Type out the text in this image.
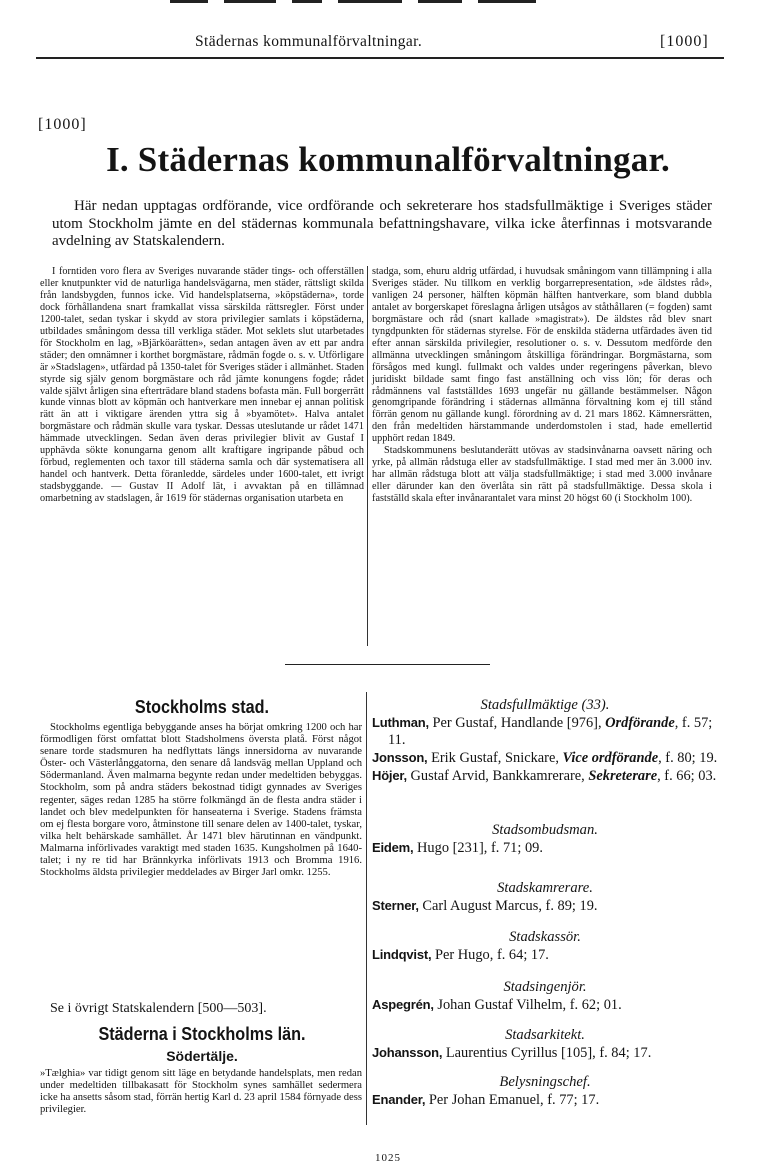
Städernas kommunalförvaltningar.	[1000]
[1000]
I. Städernas kommunalförvaltningar.
Här nedan upptagas ordförande, vice ordförande och sekreterare hos stadsfullmäktige i Sveriges städer utom Stockholm jämte en del städernas kommunala befattningshavare, vilka icke återfinnas i motsvarande avdelning av Statskalendern.

I forntiden voro flera av Sveriges nuvarande städer tings- och offerställen eller knutpunkter vid de naturliga handelsvägarna, men städer, rättsligt skilda från landsbygden, funnos icke. Vid handelsplatserna, »köpstäderna», torde dock förhållandena snart framkallat vissa särskilda rättsregler. Först under 1200-talet, sedan tyskar i skydd av stora privilegier samlats i köpstäderna, utbildades småningom dessa till verkliga städer. Mot seklets slut utarbetades för Stockholm en lag, »Bjärköarätten», sedan antagen även av ett par andra städer; den omnämner i korthet borgmästare, rådmän fogde o. s. v. Utförligare är »Stadslagen», utfärdad på 1350-talet för Sveriges städer i allmänhet. Staden styrde sig själv genom borgmästare och råd jämte konungens fogde; rådet valde självt årligen sina efterträdare bland stadens bofasta män. Full borgerrätt kunde vinnas blott av köpmän och hantverkare men innebar ej annan politisk rätt än att i viktigare ärenden yttra sig å »byamötet». Halva antalet borgmästare och rådmän skulle vara tyskar. Dessas uteslutande ur rådet 1471 hämmade utvecklingen. Sedan även deras privilegier blivit av Gustaf I upphävda sökte konungarna genom allt kraftigare ingripande påbud och förbud, reglementen och taxor till städerna samla och där systematisera all handel och hantverk. Detta föranledde, särdeles under 1600-talet, ett ivrigt stadsbyggande. — Gustav II Adolf lät, i avvaktan på en tillämnad omarbetning av stadslagen, år 1619 för städernas organisation utarbeta en

stadga, som, ehuru aldrig utfärdad, i huvudsak småningom vann tillämpning i alla Sveriges städer. Nu tillkom en verklig borgarrepresentation, »de äldstes råd», vanligen 24 personer, hälften köpmän hälften hantverkare, som bland dubbla antalet av borgerskapet föreslagna årligen utsågos av ståthållaren (= fogden) samt borgmästare och råd (snart kallade »magistrat»). De äldstes råd blev snart tyngdpunkten för städernas styrelse. För de enskilda städerna utfärdades även tid efter annan särskilda privilegier, resolutioner o. s. v. Dessutom medförde den allmänna utvecklingen småningom åtskilliga förändringar. Borgmästarna, som försågos med kungl. fullmakt och valdes under regeringens påverkan, blevo juridiskt bildade samt fingo fast anställning och viss lön; för deras och rådmännens val fastställdes 1693 ungefär nu gällande bestämmelser. Någon genomgripande förändring i städernas allmänna förvaltning kom ej till stånd förrän genom nu gällande kungl. förordning av d. 21 mars 1862. Kämnersrätten, den från medeltiden härstammande underdomstolen i stad, hade emellertid upphört redan 1849.

Stadskommunens beslutanderätt utövas av stadsinvånarna oavsett näring och yrke, på allmän rådstuga eller av stadsfullmäktige. I stad med mer än 3.000 inv. har allmän rådstuga blott att välja stadsfullmäktige; i stad med 3.000 invånare eller därunder kan den överlåta sin rätt på stadsfullmäktige. Dessa skola i fastställd skala efter invånarantalet vara minst 20 högst 60 (i Stockholm 100).

Stockholms stad.
Stockholms egentliga bebyggande anses ha börjat omkring 1200 och har förmodligen först omfattat blott Stadsholmens översta platå. Först något senare torde stadsmuren ha nedflyttats längs innersidorna av nuvarande Öster- och Västerlånggatorna, den senare då landsväg mellan Uppland och Södermanland. Även malmarna begynte redan under medeltiden bebyggas. Stockholm, som på andra städers bekostnad tidigt gynnades av Sveriges regenter, säges redan 1285 ha större folkmängd än de flesta andra städer i landet och blev medelpunkten för hanseaterna i Sverige. Stadens främsta om ej flesta borgare voro, åtminstone till senare delen av 1400-talet, tyskar, vilka helt behärskade samhället. År 1471 blev härutinnan en vändpunkt. Malmarna införlivades varaktigt med staden 1635. Kungsholmen på 1640-talet; i ny re tid har Brännkyrka införlivats 1913 och Bromma 1916. Stockholms äldsta privilegier meddelades av Birger Jarl omkr. 1255.
Se i övrigt Statskalendern [500—503].
Städerna i Stockholms län.
Södertälje.
»Tælghia» var tidigt genom sitt läge en betydande handelsplats, men redan under medeltiden tillbakasatt för Stockholm synes samhället sedermera icke ha ansetts såsom stad, förrän hertig Karl d. 23 april 1584 förnyade dess privilegier.
Stadsfullmäktige (33).
Luthman, Per Gustaf, Handlande [976], Ordförande, f. 57; 11.
Jonsson, Erik Gustaf, Snickare, Vice ordförande, f. 80; 19.
Höjer, Gustaf Arvid, Bankkamrerare, Sekreterare, f. 66; 03.
Stadsombudsman.
Eidem, Hugo [231], f. 71; 09.
Stadskamrerare.
Sterner, Carl August Marcus, f. 89; 19.
Stadskassör.
Lindqvist, Per Hugo, f. 64; 17.
Stadsingenjör.
Aspegrén, Johan Gustaf Vilhelm, f. 62; 01.
Stadsarkitekt.
Johansson, Laurentius Cyrillus [105], f. 84; 17.
Belysningschef.
Enander, Per Johan Emanuel, f. 77; 17.
1025
